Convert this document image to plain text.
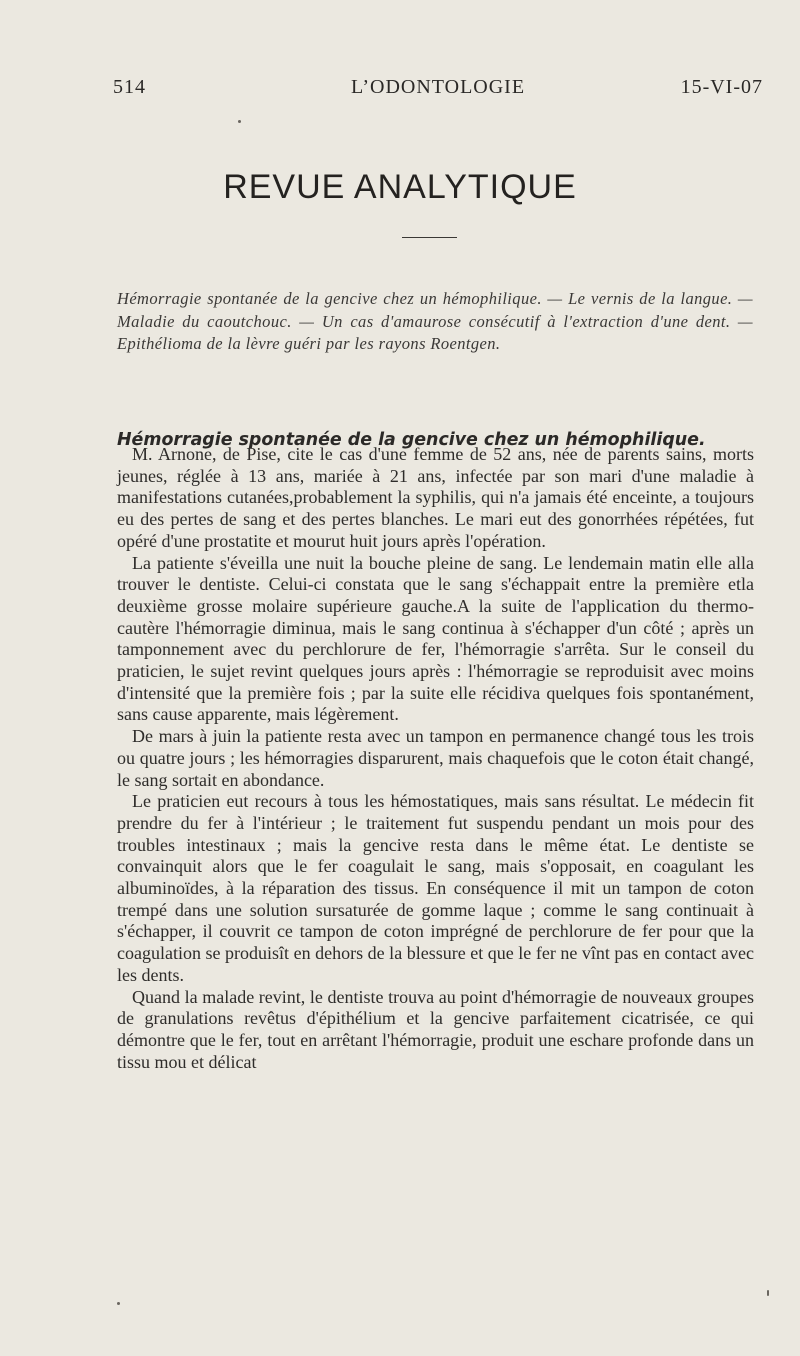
514	L’ODONTOLOGIE	15-VI-07
REVUE ANALYTIQUE
Hémorragie spontanée de la gencive chez un hémophilique. — Le vernis de la langue. — Maladie du caoutchouc. — Un cas d'amaurose consécutif à l'extraction d'une dent. — Epithélioma de la lèvre guéri par les rayons Roentgen.
Hémorragie spontanée de la gencive chez un hémophilique.

M. Arnone, de Pise, cite le cas d'une femme de 52 ans, née de parents sains, morts jeunes, réglée à 13 ans, mariée à 21 ans, infectée par son mari d'une maladie à manifestations cutanées,probablement la syphilis, qui n'a jamais été enceinte, a toujours eu des pertes de sang et des pertes blanches. Le mari eut des gonorrhées répétées, fut opéré d'une prostatite et mourut huit jours après l'opération.

La patiente s'éveilla une nuit la bouche pleine de sang. Le lendemain matin elle alla trouver le dentiste. Celui-ci constata que le sang s'échappait entre la première etla deuxième grosse molaire supérieure gauche.A la suite de l'application du thermo-cautère l'hémorragie diminua, mais le sang continua à s'échapper d'un côté ; après un tamponnement avec du perchlorure de fer, l'hémorragie s'arrêta. Sur le conseil du praticien, le sujet revint quelques jours après : l'hémorragie se reproduisit avec moins d'intensité que la première fois ; par la suite elle récidiva quelques fois spontanément, sans cause apparente, mais légèrement.

De mars à juin la patiente resta avec un tampon en permanence changé tous les trois ou quatre jours ; les hémorragies disparurent, mais chaquefois que le coton était changé, le sang sortait en abondance.

Le praticien eut recours à tous les hémostatiques, mais sans résultat. Le médecin fit prendre du fer à l'intérieur ; le traitement fut suspendu pendant un mois pour des troubles intestinaux ; mais la gencive resta dans le même état. Le dentiste se convainquit alors que le fer coagulait le sang, mais s'opposait, en coagulant les albuminoïdes, à la réparation des tissus. En conséquence il mit un tampon de coton trempé dans une solution sursaturée de gomme laque ; comme le sang continuait à s'échapper, il couvrit ce tampon de coton imprégné de perchlorure de fer pour que la coagulation se produisît en dehors de la blessure et que le fer ne vînt pas en contact avec les dents.

Quand la malade revint, le dentiste trouva au point d'hémorragie de nouveaux groupes de granulations revêtus d'épithélium et la gencive parfaitement cicatrisée, ce qui démontre que le fer, tout en arrêtant l'hémorragie, produit une eschare profonde dans un tissu mou et délicat
